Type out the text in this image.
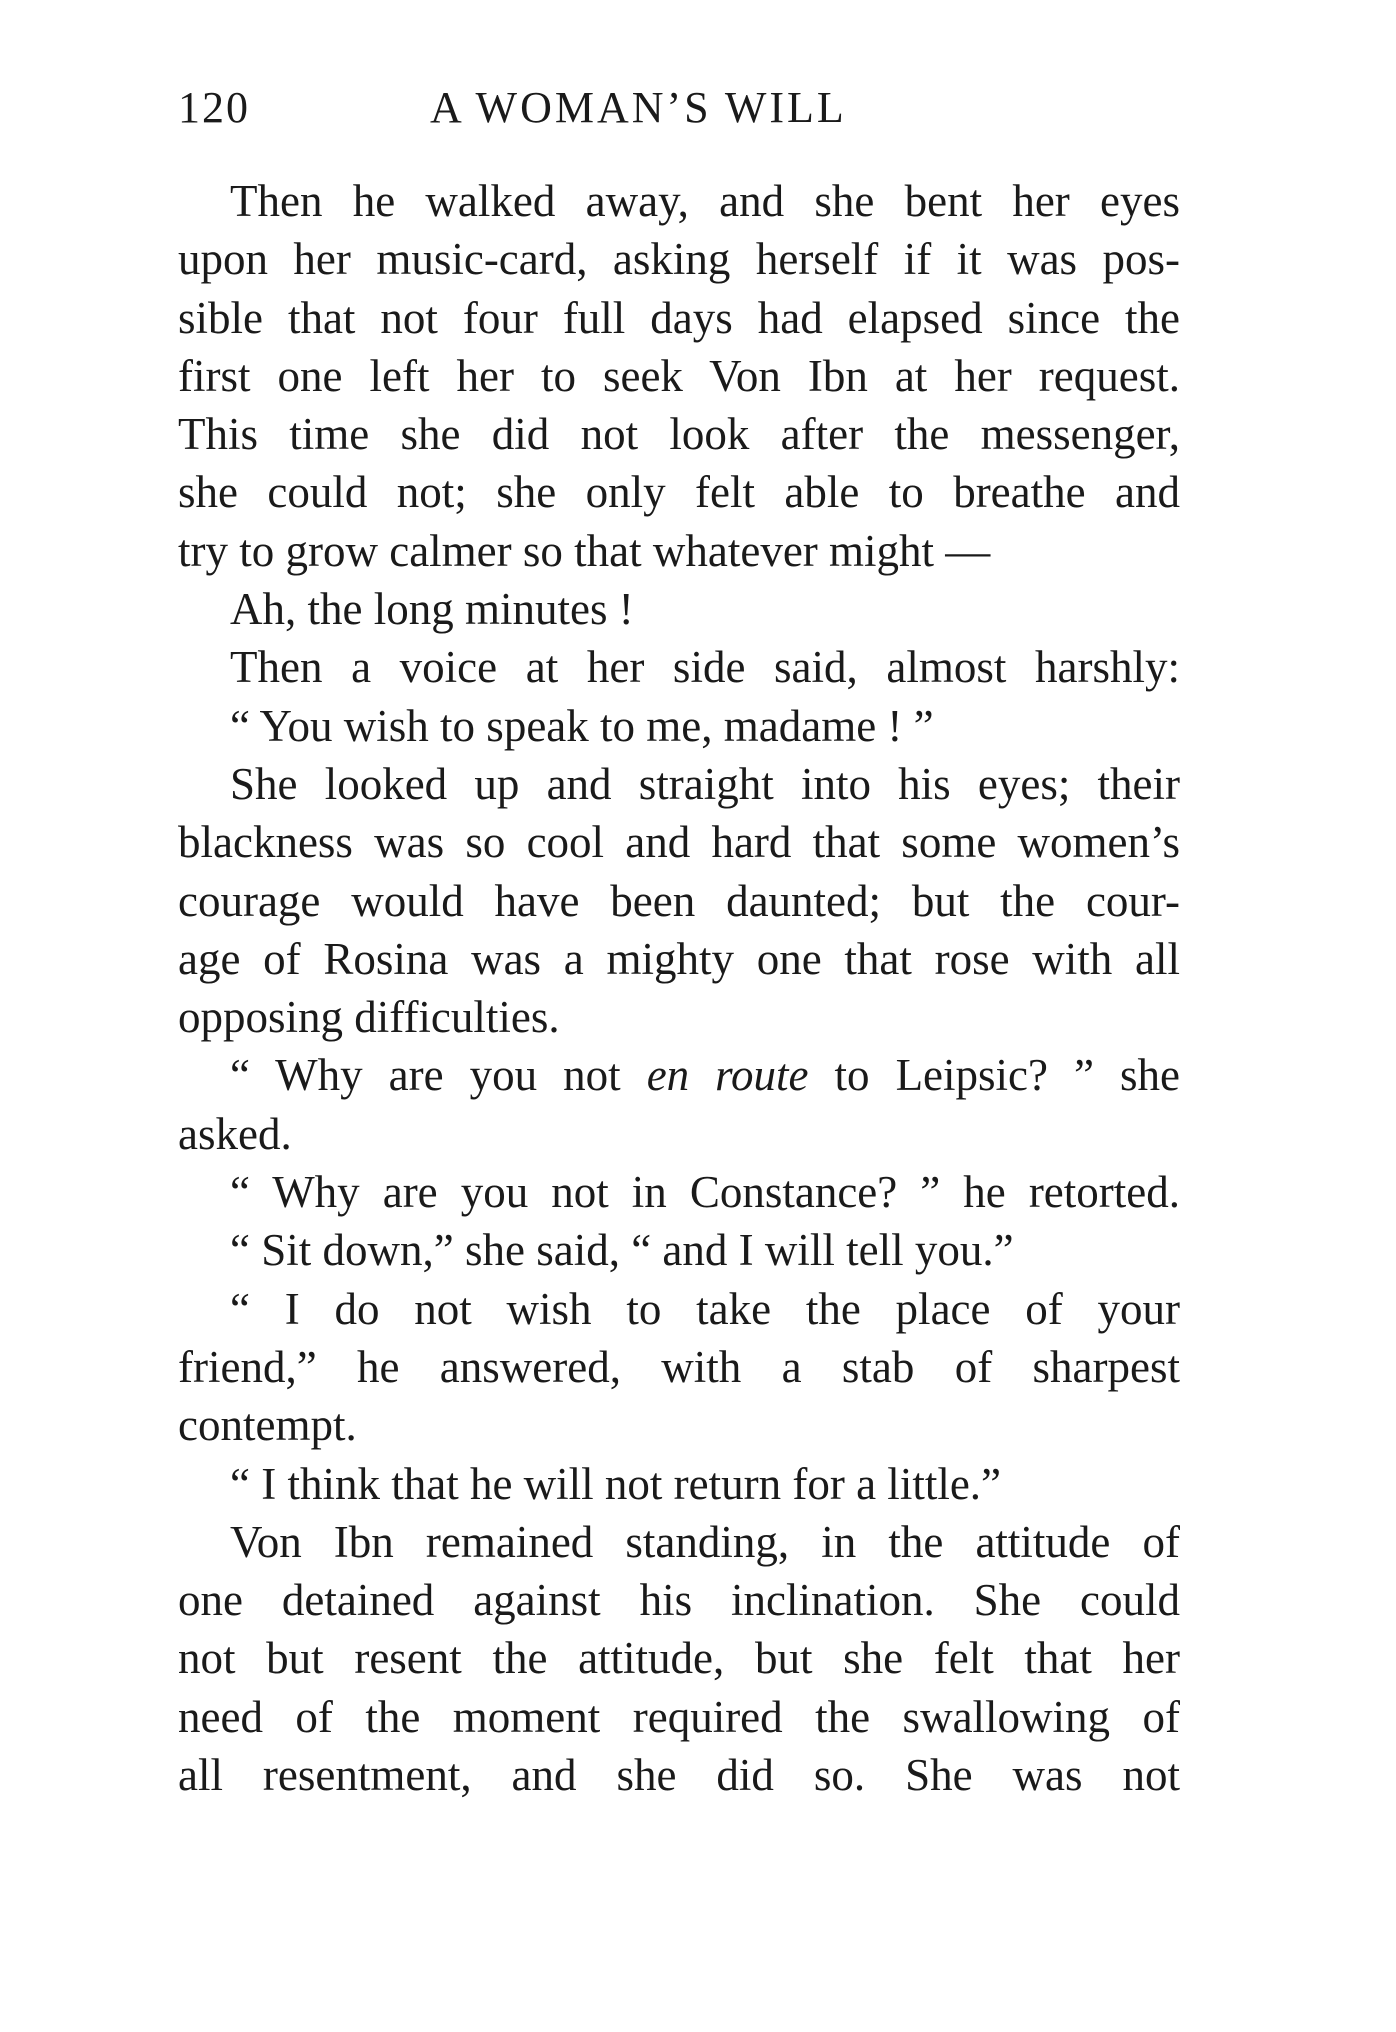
120	A WOMAN’S WILL
Then he walked away, and she bent her eyes
upon her music-card, asking herself if it was pos-
sible that not four full days had elapsed since the
first one left her to seek Von Ibn at her request.
This time she did not look after the messenger,
she could not; she only felt able to breathe and
try to grow calmer so that whatever might —
Ah, the long minutes !
Then a voice at her side said, almost harshly:
“ You wish to speak to me, madame ! ”
She looked up and straight into his eyes; their
blackness was so cool and hard that some women’s
courage would have been daunted; but the cour-
age of Rosina was a mighty one that rose with all
opposing difficulties.
“ Why are you not en route to Leipsic? ” she
asked.
“ Why are you not in Constance? ” he retorted.
“ Sit down,” she said, “ and I will tell you.”
“ I do not wish to take the place of your
friend,” he answered, with a stab of sharpest
contempt.
“ I think that he will not return for a little.”
Von Ibn remained standing, in the attitude of
one detained against his inclination. She could
not but resent the attitude, but she felt that her
need of the moment required the swallowing of
all resentment, and she did so. She was not
